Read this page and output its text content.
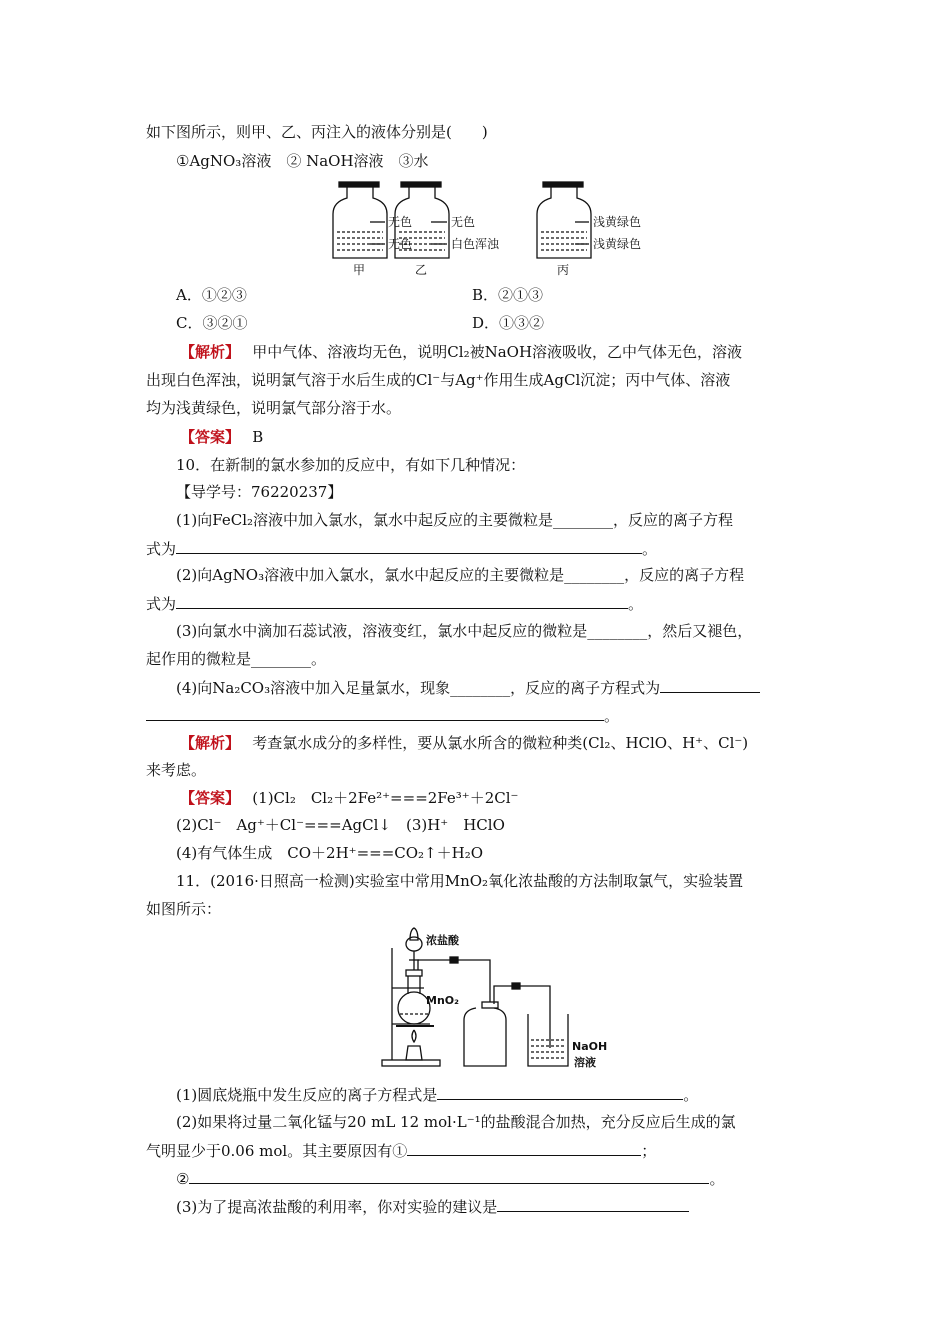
如下图所示，则甲、乙、丙注入的液体分别是(　　)
①AgNO₃溶液　② NaOH溶液　③水
无色
无色
甲
无色
白色浑浊
乙
浅黄绿色
浅黄绿色
丙
A．①②③	B．②①③
C．③②①	D．①③②
【解析】　 甲中气体、溶液均无色，说明Cl₂被NaOH溶液吸收，乙中气体无色，溶液
出现白色浑浊，说明氯气溶于水后生成的Cl⁻与Ag⁺作用生成AgCl沉淀；丙中气体、溶液
均为浅黄绿色，说明氯气部分溶于水。
【答案】　 B
10．在新制的氯水参加的反应中，有如下几种情况：
【导学号：76220237】
(1)向FeCl₂溶液中加入氯水，氯水中起反应的主要微粒是________，反应的离子方程
式为	。
(2)向AgNO₃溶液中加入氯水，氯水中起反应的主要微粒是________，反应的离子方程
式为	。
(3)向氯水中滴加石蕊试液，溶液变红，氯水中起反应的微粒是________，然后又褪色，
起作用的微粒是________。
(4)向Na₂CO₃溶液中加入足量氯水，现象________，反应的离子方程式为
。
【解析】　 考查氯水成分的多样性，要从氯水所含的微粒种类(Cl₂、HClO、H⁺、Cl⁻)
来考虑。
【答案】　 (1)Cl₂　Cl₂＋2Fe²⁺===2Fe³⁺＋2Cl⁻
(2)Cl⁻　Ag⁺＋Cl⁻===AgCl↓　(3)H⁺　HClO
(4)有气体生成　CO＋2H⁺===CO₂↑＋H₂O
11．(2016·日照高一检测)实验室中常用MnO₂氧化浓盐酸的方法制取氯气，实验装置
如图所示：
浓盐酸
MnO₂
NaOH
溶液
(1)圆底烧瓶中发生反应的离子方程式是	。
(2)如果将过量二氧化锰与20 mL 12 mol·L⁻¹的盐酸混合加热，充分反应后生成的氯
气明显少于0.06 mol。其主要原因有①	；
②	。
(3)为了提高浓盐酸的利用率，你对实验的建议是
